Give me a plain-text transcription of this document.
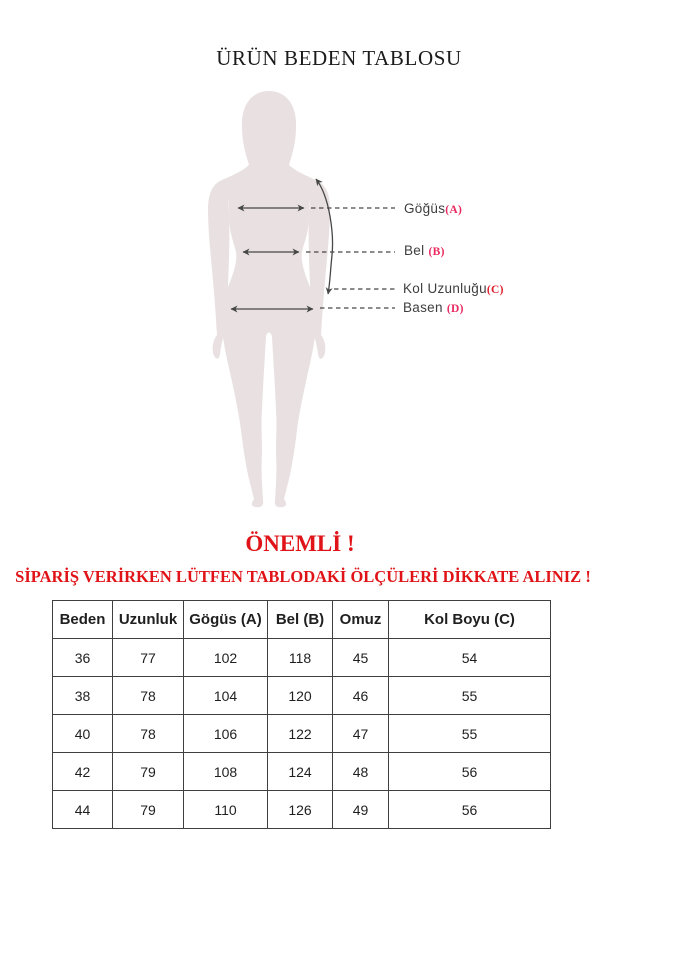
ÜRÜN BEDEN TABLOSU
Göğüs(A)
Bel (B)
Kol Uzunluğu(C)
Basen (D)
ÖNEMLİ !
SİPARİŞ VERİRKEN LÜTFEN TABLODAKİ ÖLÇÜLERİ DİKKATE ALINIZ !
Beden	Uzunluk	Gögüs (A)	Bel (B)	Omuz	Kol Boyu (C)
36	77	102	118	45	54
38	78	104	120	46	55
40	78	106	122	47	55
42	79	108	124	48	56
44	79	110	126	49	56
